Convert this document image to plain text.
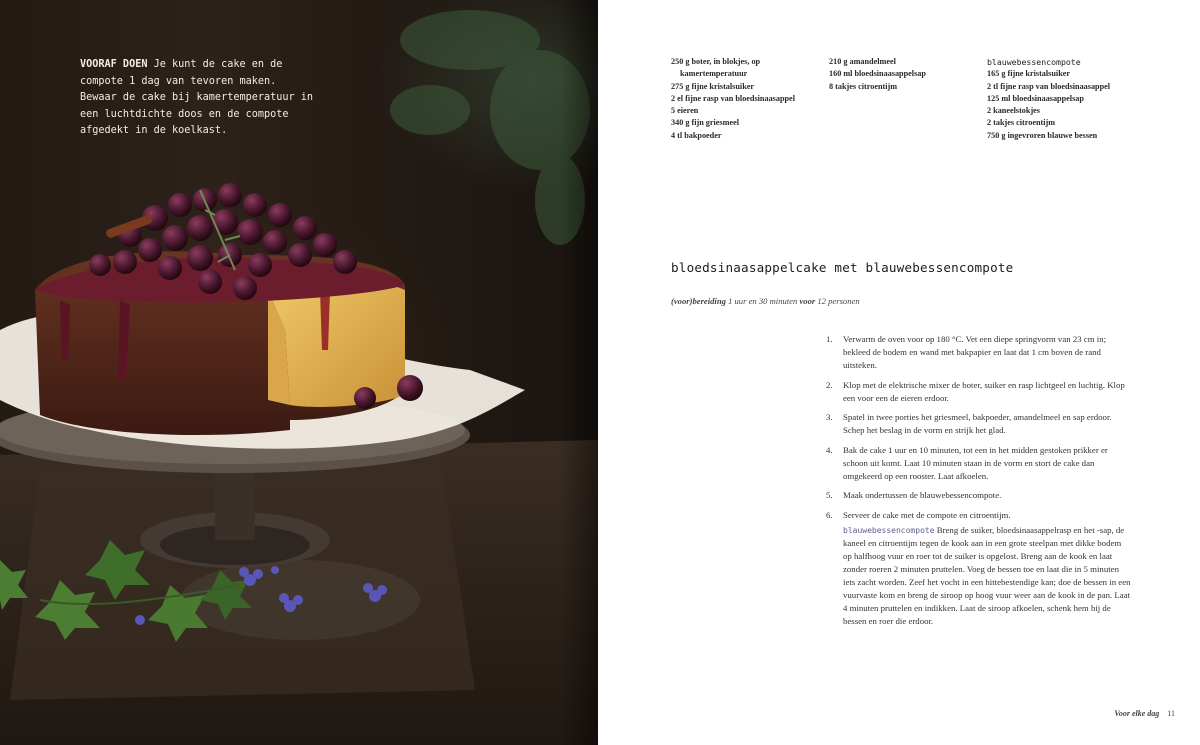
VOORAF DOEN Je kunt de cake en de compote 1 dag van tevoren maken. Bewaar de cake bij kamertemperatuur in een luchtdichte doos en de compote afgedekt in de koelkast.

250 g boter, in blokjes, op
kamertemperatuur
275 g fijne kristalsuiker
2 el fijne rasp van bloedsinaasappel
5 eieren
340 g fijn griesmeel
4 tl bakpoeder
210 g amandelmeel
160 ml bloedsinaasappelsap
8 takjes citroentijm
blauwebessencompote
165 g fijne kristalsuiker
2 tl fijne rasp van bloedsinaasappel
125 ml bloedsinaasappelsap
2 kaneelstokjes
2 takjes citroentijm
750 g ingevroren blauwe bessen
bloedsinaasappelcake met blauwebessencompote
(voor)bereiding 1 uur en 30 minuten voor 12 personen
1. Verwarm de oven voor op 180 °C. Vet een diepe springvorm van 23 cm in; bekleed de bodem en wand met bakpapier en laat dat 1 cm boven de rand uitsteken.
2. Klop met de elektrische mixer de boter, suiker en rasp lichtgeel en luchtig. Klop een voor een de eieren erdoor.
3. Spatel in twee porties het griesmeel, bakpoeder, amandelmeel en sap erdoor. Schep het beslag in de vorm en strijk het glad.
4. Bak de cake 1 uur en 10 minuten, tot een in het midden gestoken prikker er schoon uit komt. Laat 10 minuten staan in de vorm en stort de cake dan omgekeerd op een rooster. Laat afkoelen.
5. Maak ondertussen de blauwebessencompote.
6. Serveer de cake met de compote en citroentijm.

blauwebessencompote Breng de suiker, bloedsinaasappelrasp en het -sap, de kaneel en citroentijm tegen de kook aan in een grote steelpan met dikke bodem op halfhoog vuur en roer tot de suiker is opgelost. Breng aan de kook en laat zonder roeren 2 minuten pruttelen. Voeg de bessen toe en laat die in 5 minuten iets zacht worden. Zeef het vocht in een hittebestendige kan; doe de bessen in een vuurvaste kom en breng de siroop op hoog vuur weer aan de kook in de pan. Laat 4 minuten pruttelen en indikken. Laat de siroop afkoelen, schenk hem bij de bessen en roer die erdoor.

Voor elke dag 11
